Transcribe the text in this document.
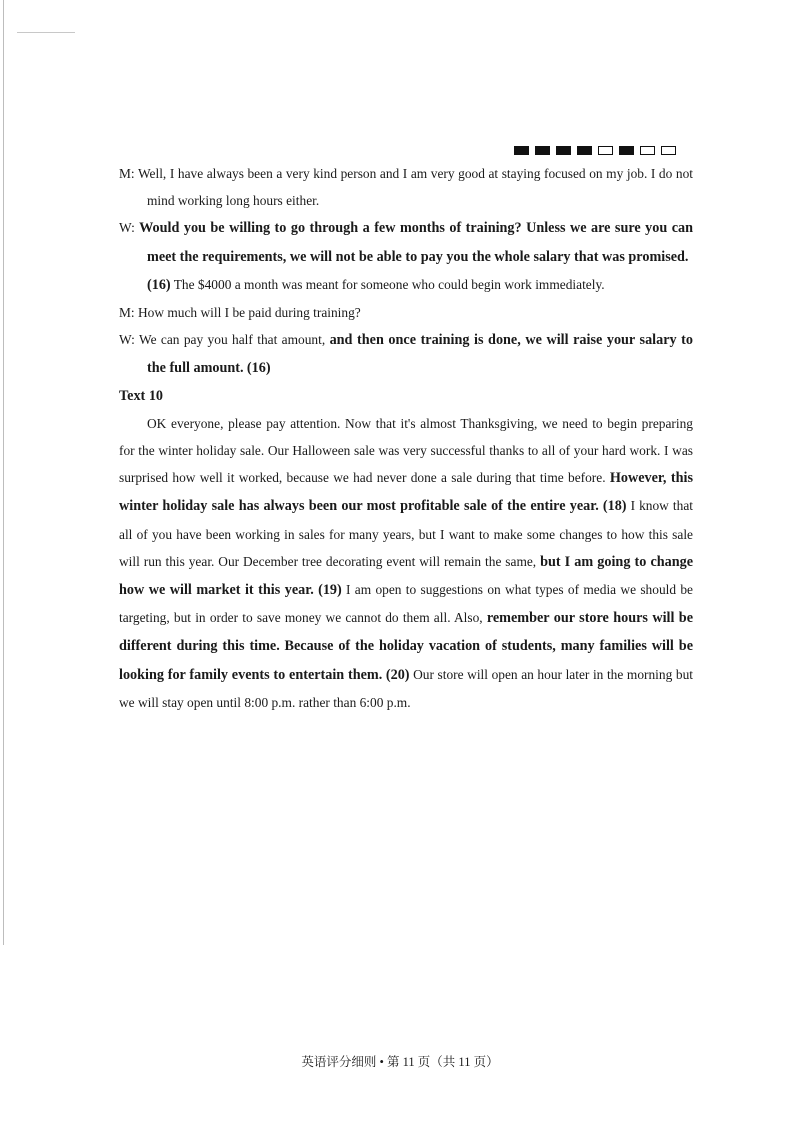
M: Well, I have always been a very kind person and I am very good at staying focused on my job. I do not mind working long hours either.

W: Would you be willing to go through a few months of training? Unless we are sure you can meet the requirements, we will not be able to pay you the whole salary that was promised.

(16) The $4000 a month was meant for someone who could begin work immediately.

M: How much will I be paid during training?

W: We can pay you half that amount, and then once training is done, we will raise your salary to the full amount. (16)

Text 10

OK everyone, please pay attention. Now that it's almost Thanksgiving, we need to begin preparing for the winter holiday sale. Our Halloween sale was very successful thanks to all of your hard work. I was surprised how well it worked, because we had never done a sale during that time before. However, this winter holiday sale has always been our most profitable sale of the entire year. (18) I know that all of you have been working in sales for many years, but I want to make some changes to how this sale will run this year. Our December tree decorating event will remain the same, but I am going to change how we will market it this year. (19) I am open to suggestions on what types of media we should be targeting, but in order to save money we cannot do them all. Also, remember our store hours will be different during this time. Because of the holiday vacation of students, many families will be looking for family events to entertain them. (20) Our store will open an hour later in the morning but we will stay open until 8:00 p.m. rather than 6:00 p.m.

英语评分细则 • 第 11 页（共 11 页）
